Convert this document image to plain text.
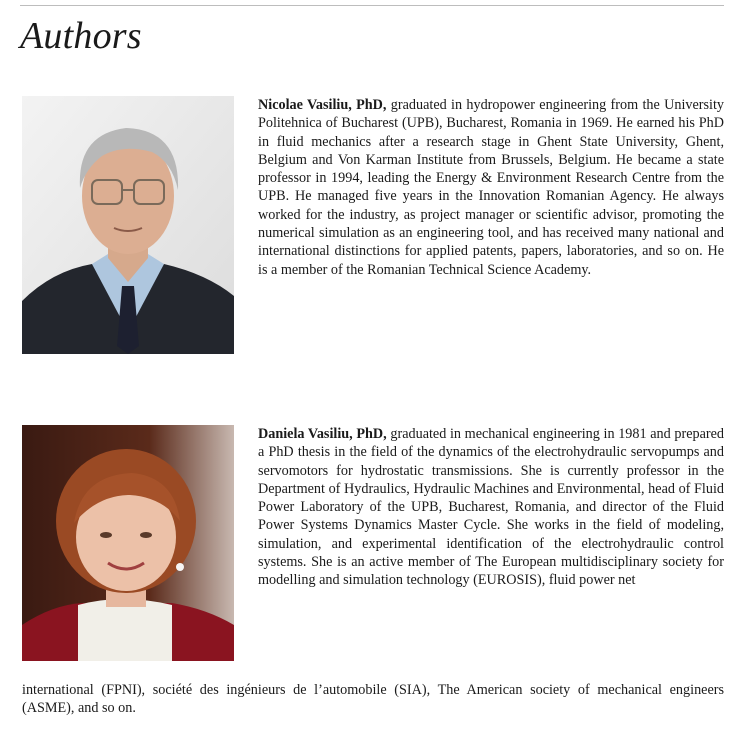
Authors

Nicolae Vasiliu, PhD, graduated in hydropower engineering from the University Politehnica of Bucharest (UPB), Bucharest, Romania in 1969. He earned his PhD in fluid mechanics after a research stage in Ghent State University, Ghent, Belgium and Von Karman Institute from Brussels, Belgium. He became a state professor in 1994, leading the Energy & Environment Research Centre from the UPB. He managed five years in the Innovation Romanian Agency. He always worked for the industry, as project manager or scientific advisor, promoting the numerical simulation as an engineering tool, and has received many national and international distinctions for applied patents, papers, laboratories, and so on. He is a member of the Romanian Technical Science Academy.

Daniela Vasiliu, PhD, graduated in mechanical engineering in 1981 and prepared a PhD thesis in the field of the dynamics of the electrohydraulic servopumps and servomotors for hydrostatic transmissions. She is currently professor in the Department of Hydraulics, Hydraulic Machines and Environmental, head of Fluid Power Laboratory of the UPB, Bucharest, Romania, and director of the Fluid Power Systems Dynamics Master Cycle. She works in the field of modeling, simulation, and experimental identification of the electrohydraulic control systems. She is an active member of The European multidisciplinary society for modelling and simulation technology (EUROSIS), fluid power net

international (FPNI), société des ingénieurs de l’automobile (SIA), The American society of mechanical engineers (ASME), and so on.
